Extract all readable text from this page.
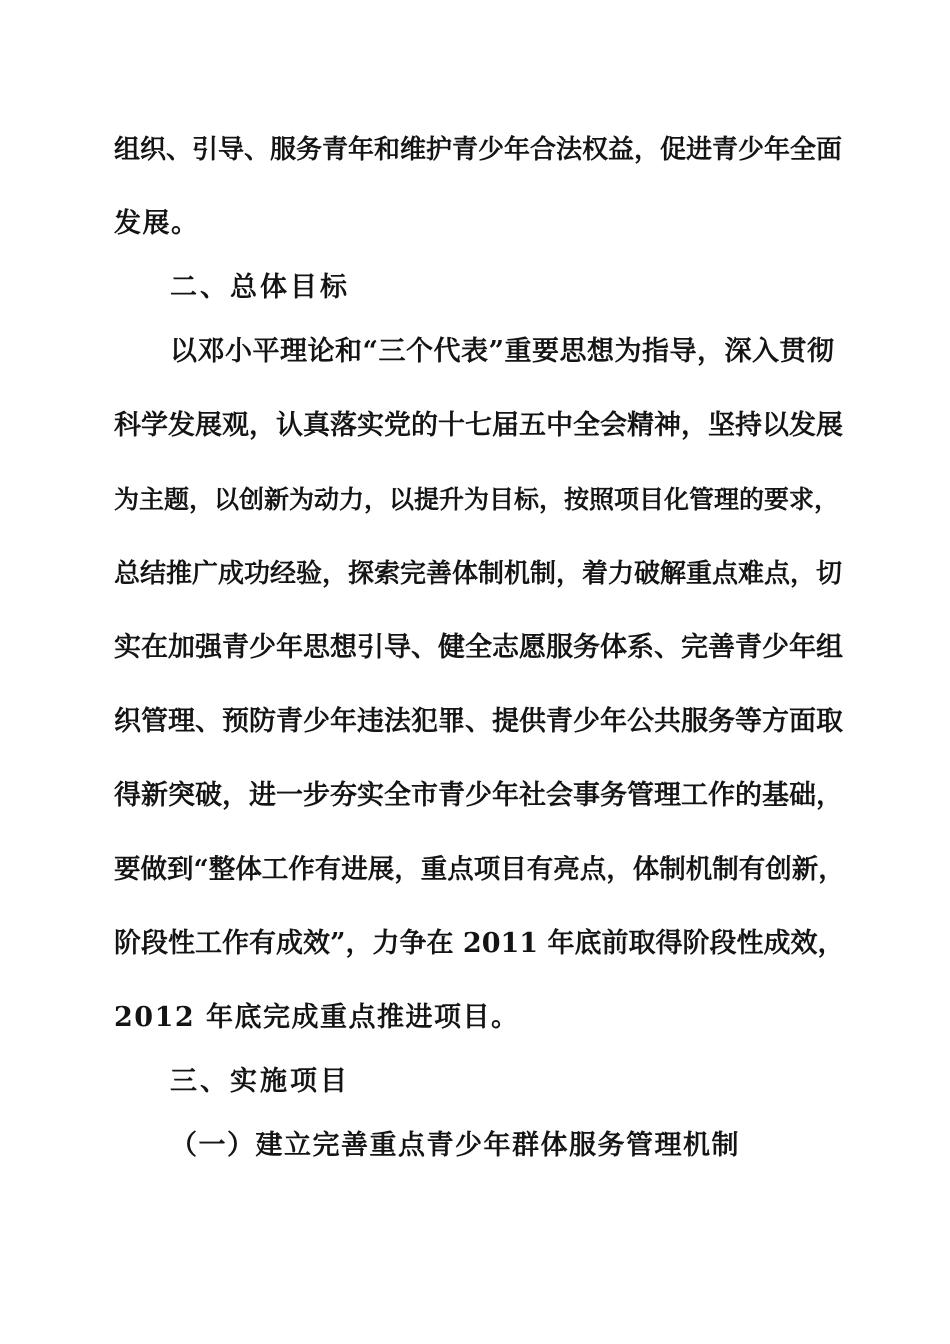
组织、引导、服务青年和维护青少年合法权益，促进青少年全面
发展。
二、总体目标
以邓小平理论和“三个代表”重要思想为指导，深入贯彻
科学发展观，认真落实党的十七届五中全会精神，坚持以发展
为主题，以创新为动力，以提升为目标，按照项目化管理的要求，
总结推广成功经验，探索完善体制机制，着力破解重点难点，切
实在加强青少年思想引导、健全志愿服务体系、完善青少年组
织管理、预防青少年违法犯罪、提供青少年公共服务等方面取
得新突破，进一步夯实全市青少年社会事务管理工作的基础，
要做到“整体工作有进展，重点项目有亮点，体制机制有创新，
阶段性工作有成效”，力争在 2011 年底前取得阶段性成效，
2012 年底完成重点推进项目。
三、实施项目
（一）建立完善重点青少年群体服务管理机制
